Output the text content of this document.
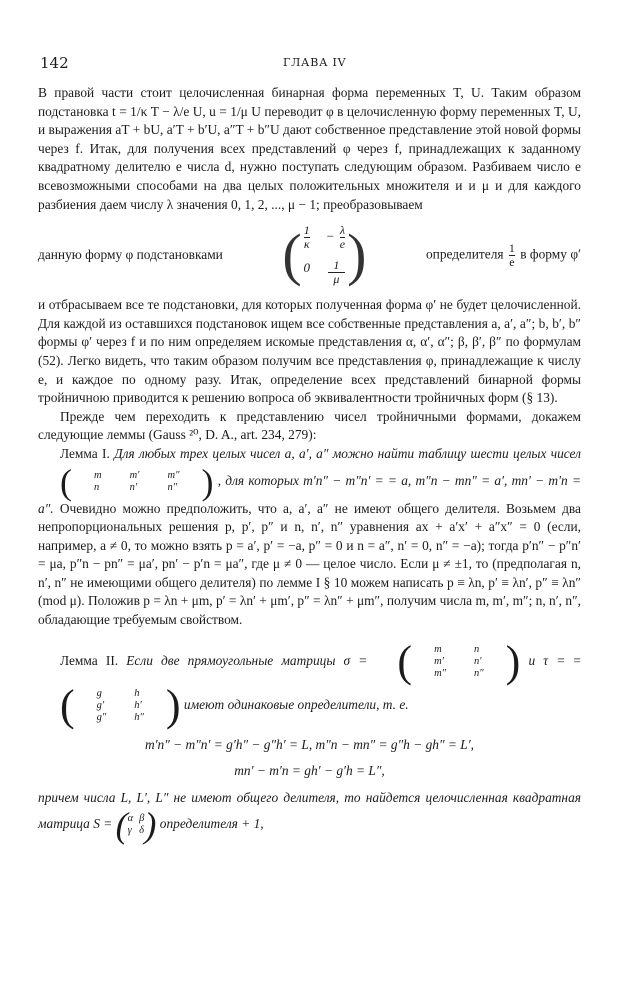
142	ГЛАВА IV

В правой части стоит целочисленная бинарная форма переменных T, U. Таким образом подстановка t = 1/κ T − λ/e U, u = 1/μ U переводит φ в целочисленную форму переменных T, U, и выражения aT + bU, a′T + b′U, a″T + b″U дают собственное представление этой новой формы через f. Итак, для получения всех представлений φ через f, принадлежащих к заданному квадратному делителю e числа d, нужно поступать следующим образом. Разбиваем число e всевозможными способами на два целых положительных множителя и и μ и для каждого разбиения даем числу λ значения 0, 1, 2, ..., μ − 1; преобразовываем

данную форму φ подстановками ( $\frac{1}{\kappa} - \frac{\lambda}{e}$
$0 \frac{1}{\mu}$ )	определителя $\frac{1}{e}$ в форму φ′

и отбрасываем все те подстановки, для которых полученная форма φ′ не будет целочисленной. Для каждой из оставшихся подстановок ищем все собственные представления a, a′, a″; b, b′, b″ формы φ′ через f и по ним определяем искомые представления α, α′, α″; β, β′, β″ по формулам (52). Легко видеть, что таким образом получим все представления φ, принадлежащие к числу e, и каждое по одному разу. Итак, определение всех представлений бинарной формы тройничною приводится к решению вопроса об эквивалентности тройничных форм (§ 13).

Прежде чем переходить к представлению чисел тройничными формами, докажем следующие леммы (Gauss ²⁰, D. A., art. 234, 279):

Лемма I. Для любых трех целых чисел a, a′, a″ можно найти таблицу шести целых чисел
(	m	m′	m″
n	n′	n″ ) , для которых m′n″ − m″n′ = = a, m″n − mn″ = a′, mn′ − m′n = a″. Очевидно можно предположить, что a, a′, a″ не имеют общего делителя. Возьмем два непропорциональных решения p, p′, p″ и n, n′, n″ уравнения ax + a′x′ + a″x″ = 0 (если, например, a ≠ 0, то можно взять p = a′, p′ = −a, p″ = 0 и n = a″, n′ = 0, n″ = −a); тогда p′n″ − p″n′ = μa, p″n − pn″ = μa′, pn′ − p′n = μa″, где μ ≠ 0 — целое число. Если μ ≠ ±1, то (предполагая n, n′, n″ не имеющими общего делителя) по лемме I § 10 можем написать p ≡ λn, p′ ≡ λn′, p″ ≡ λn″ (mod μ). Положив p = λn + μm, p′ = λn′ + μm′, p″ = λn″ + μm″, получим числа m, m′, m″; n, n′, n″, обладающие требуемым свойством.

Лемма II. Если две прямоугольные матрицы σ = (	m	n
m′	n′
m″	n″ ) и τ = =
(	g	h
g′	h′
g″	h″ ) имеют одинаковые определители, т. е.

m′n″ − m″n′ = g′h″ − g″h′ = L, m″n − mn″ = g″h − gh″ = L′,
mn′ − m′n = gh′ − g′h = L″,

причем числа L, L′, L″ не имеют общего делителя, то найдется целочисленная квадратная матрица S = ( α β
γ δ ) определителя + 1,
